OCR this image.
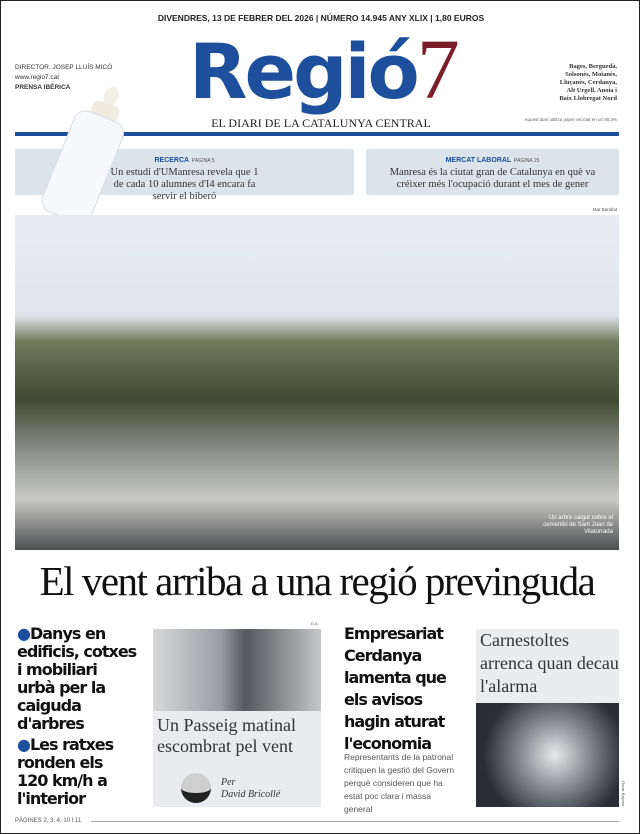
DIVENDRES, 13 DE FEBRER DEL 2026 | NÚMERO 14.945 ANY XLIX | 1,80 EUROS
Regió7
EL DIARI DE LA CATALUNYA CENTRAL
DIRECTOR: JOSEP LLUÍS MICÓ
www.regio7.cat
PRENSA IBÈRICA
Bages, Berguedà,
Solsonès, Moianès,
Lluçanès, Cerdanya,
Alt Urgell, Anoia i
Baix Llobregat Nord
Aquest diari utilitza paper reciclat en un 80,3%
RECERCA PÀGINA 5
Un estudi d'UManresa revela que 1 de cada 10 alumnes d'I4 encara fa servir el biberó
MERCAT LABORAL PÀGINA 25
Manresa és la ciutat gran de Catalunya en què va créixer més l'ocupació durant el mes de gener
Mar Barallat
Un arbre caigut sobre el cementiri de Sant Joan de Vilatorrada
El vent arriba a una regió previnguda
●Danys en edificis, cotxes i mobiliari urbà per la caiguda d'arbres
●Les ratxes ronden els 120 km/h a l'interior
D.A.
Un Passeig matinal escombrat pel vent
Per
David Bricollé
Empresariat Cerdanya lamenta que els avisos hagin aturat l'economia
Representants de la patronal critiquen la gestió del Govern perquè consideren que ha estat poc clara i massa general
Carnestoltes arrenca quan decau l'alarma
Oscar Bayona
PÀGINES 2, 3, 4, 10 I 11
